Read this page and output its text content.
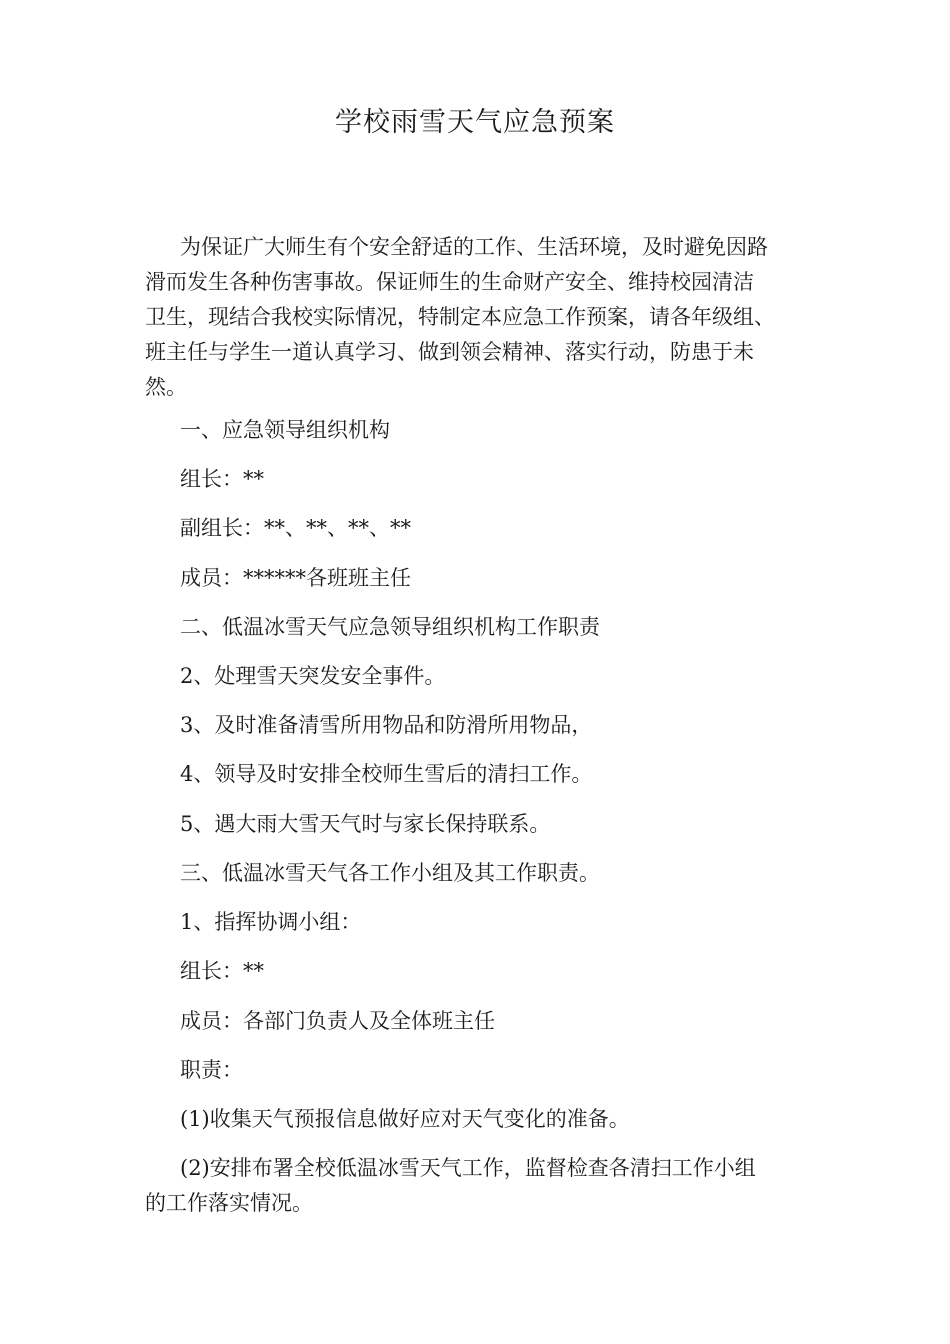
学校雨雪天气应急预案

为保证广大师生有个安全舒适的工作、生活环境，及时避免因路
滑而发生各种伤害事故。保证师生的生命财产安全、维持校园清洁
卫生，现结合我校实际情况，特制定本应急工作预案，请各年级组、
班主任与学生一道认真学习、做到领会精神、落实行动，防患于未
然。

一、应急领导组织机构

组长：**

副组长：**、**、**、**

成员：******各班班主任

二、低温冰雪天气应急领导组织机构工作职责

2、处理雪天突发安全事件。

3、及时准备清雪所用物品和防滑所用物品，

4、领导及时安排全校师生雪后的清扫工作。

5、遇大雨大雪天气时与家长保持联系。

三、低温冰雪天气各工作小组及其工作职责。

1、指挥协调小组：

组长：**

成员：各部门负责人及全体班主任

职责：

(1)收集天气预报信息做好应对天气变化的准备。

(2)安排布署全校低温冰雪天气工作，监督检查各清扫工作小组
的工作落实情况。
